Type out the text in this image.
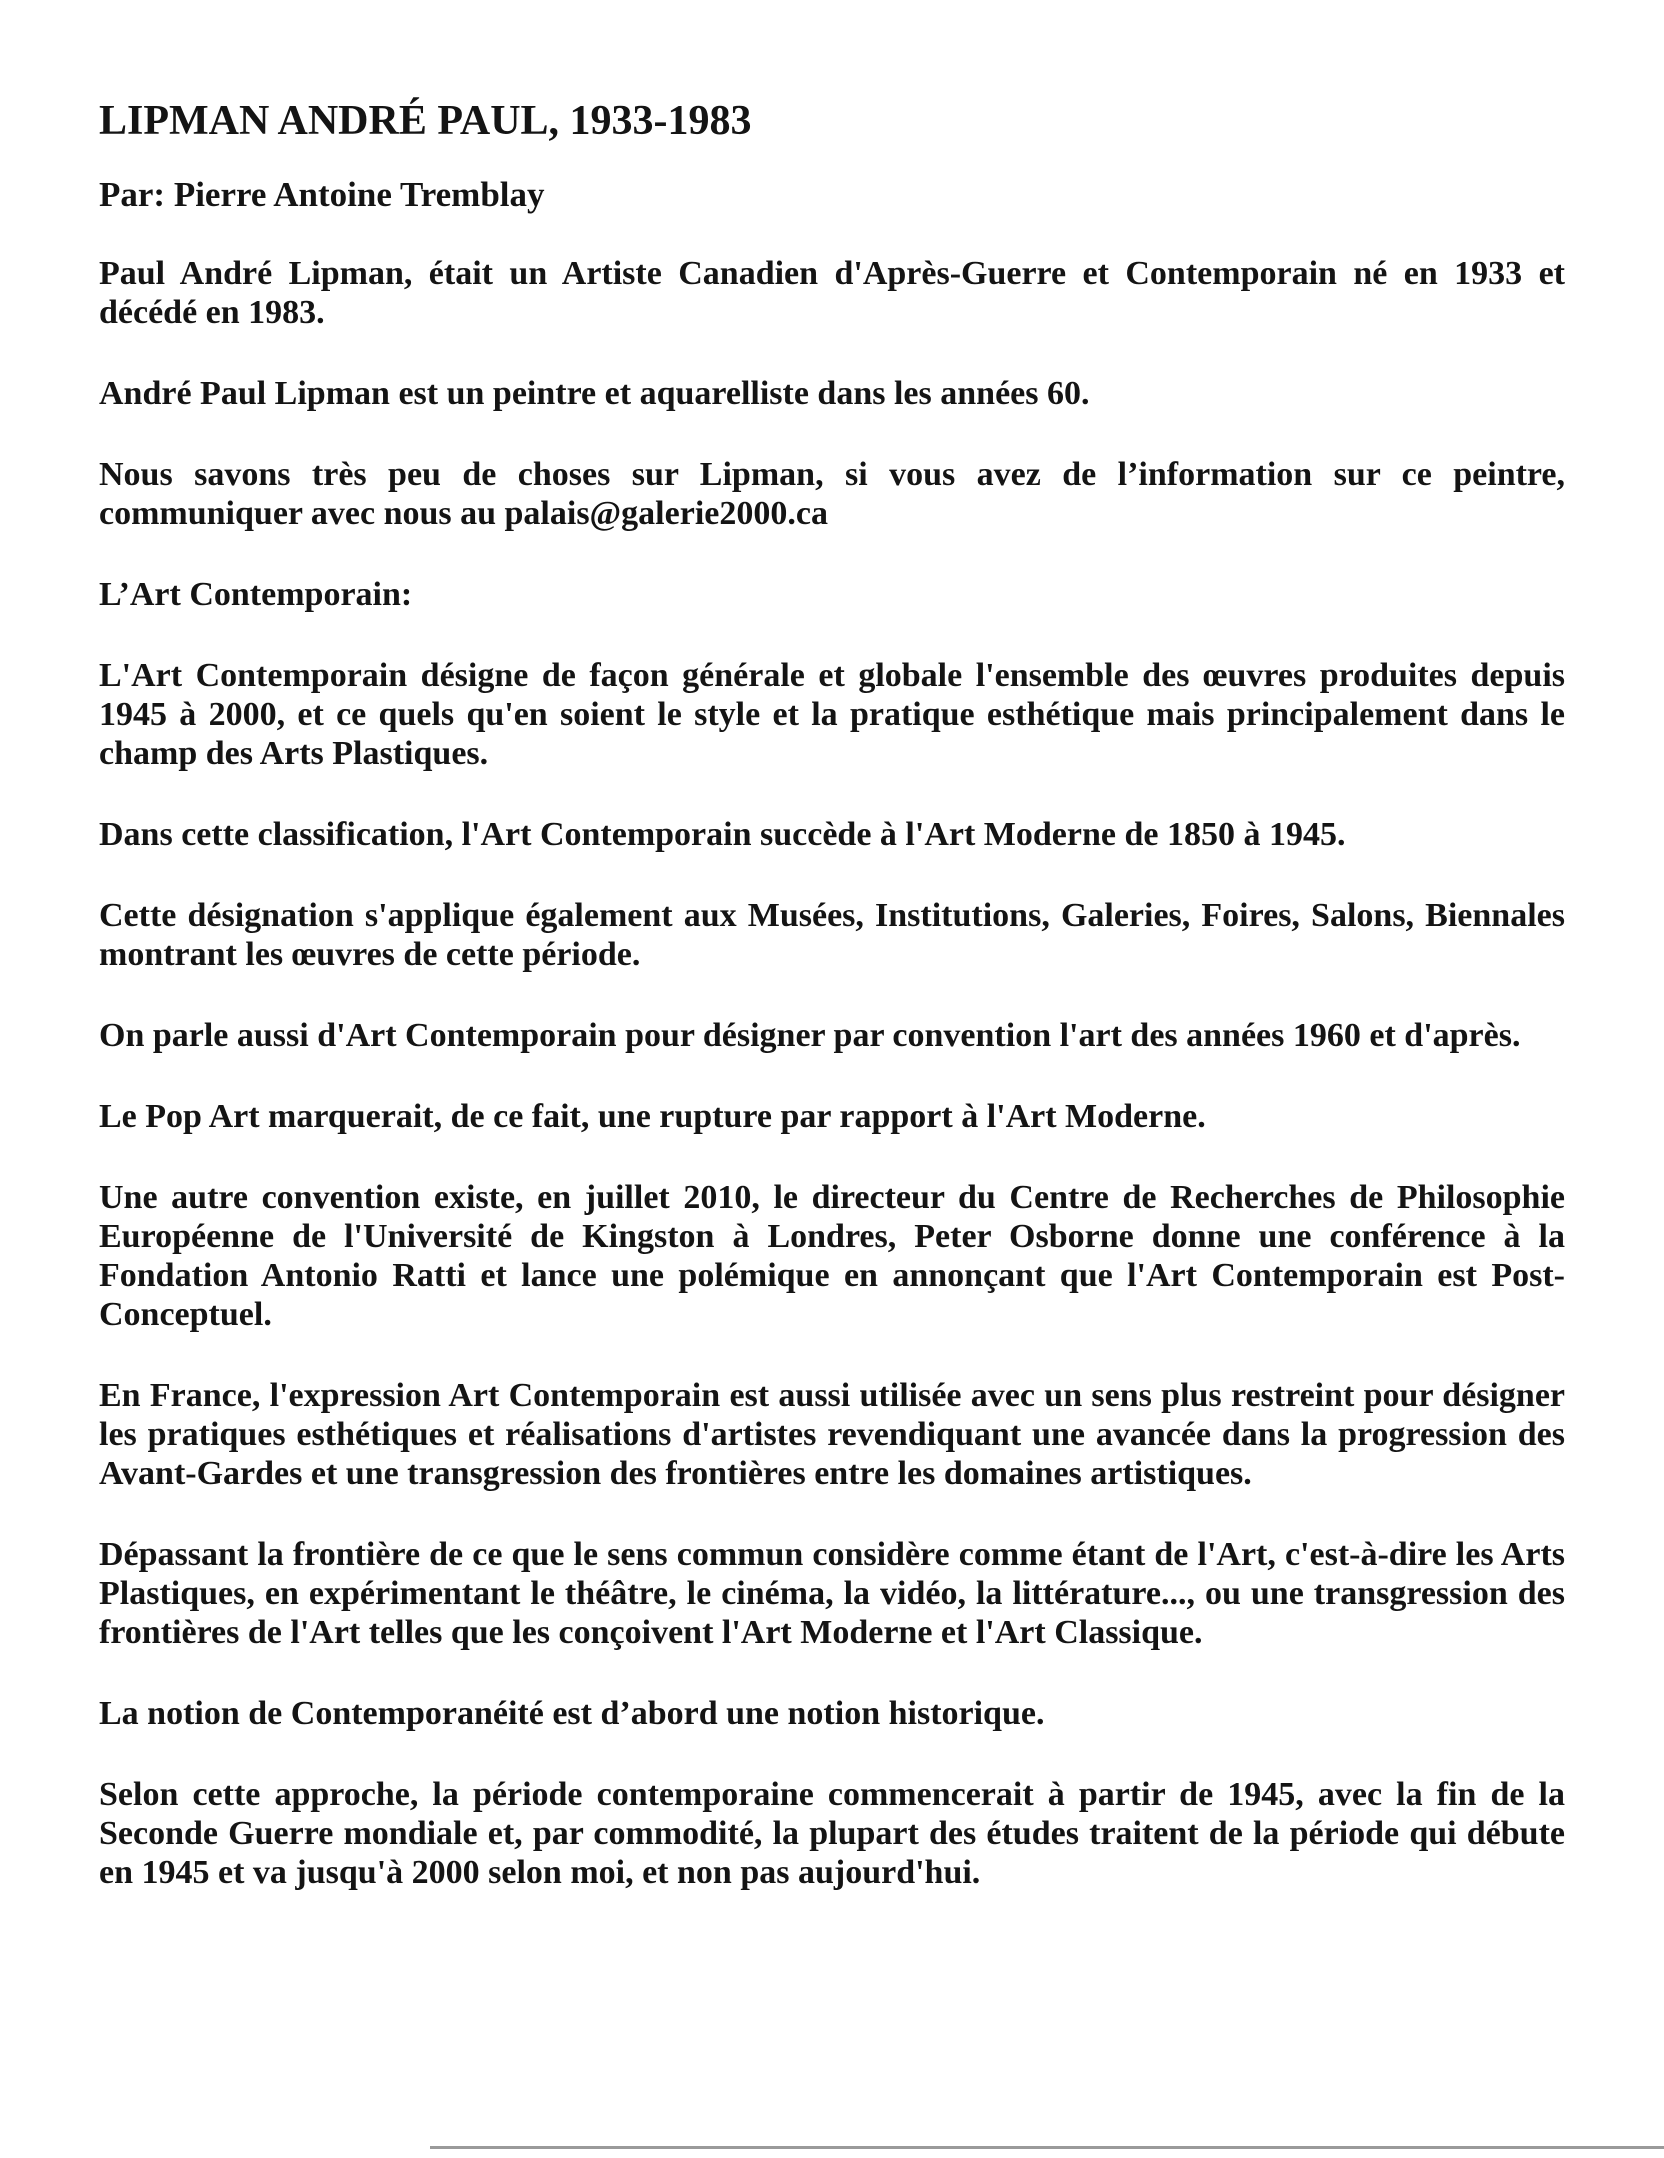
LIPMAN ANDRÉ PAUL, 1933-1983
Par: Pierre Antoine Tremblay

Paul André Lipman, était un Artiste Canadien d'Après-Guerre et Contemporain né en 1933 et décédé en 1983.

André Paul Lipman est un peintre et aquarelliste dans les années 60.

Nous savons très peu de choses sur Lipman, si vous avez de l’information sur ce peintre, communiquer avec nous au palais@galerie2000.ca

L’Art Contemporain:

L'Art Contemporain désigne de façon générale et globale l'ensemble des œuvres produites depuis 1945 à 2000, et ce quels qu'en soient le style et la pratique esthétique mais principalement dans le champ des Arts Plastiques.

Dans cette classification, l'Art Contemporain succède à l'Art Moderne de 1850 à 1945.

Cette désignation s'applique également aux Musées, Institutions, Galeries, Foires, Salons, Biennales montrant les œuvres de cette période.

On parle aussi d'Art Contemporain pour désigner par convention l'art des années 1960 et d'après.

Le Pop Art marquerait, de ce fait, une rupture par rapport à l'Art Moderne.

Une autre convention existe, en juillet 2010, le directeur du Centre de Recherches de Philosophie Européenne de l'Université de Kingston à Londres, Peter Osborne donne une conférence à la Fondation Antonio Ratti et lance une polémique en annonçant que l'Art Contemporain est Post-Conceptuel.

En France, l'expression Art Contemporain est aussi utilisée avec un sens plus restreint pour désigner les pratiques esthétiques et réalisations d'artistes revendiquant une avancée dans la progression des Avant-Gardes et une transgression des frontières entre les domaines artistiques.

Dépassant la frontière de ce que le sens commun considère comme étant de l'Art, c'est-à-dire les Arts Plastiques, en expérimentant le théâtre, le cinéma, la vidéo, la littérature..., ou une transgression des frontières de l'Art telles que les conçoivent l'Art Moderne et l'Art Classique.

La notion de Contemporanéité est d’abord une notion historique.

Selon cette approche, la période contemporaine commencerait à partir de 1945, avec la fin de la Seconde Guerre mondiale et, par commodité, la plupart des études traitent de la période qui débute en 1945 et va jusqu'à 2000 selon moi, et non pas aujourd'hui.
